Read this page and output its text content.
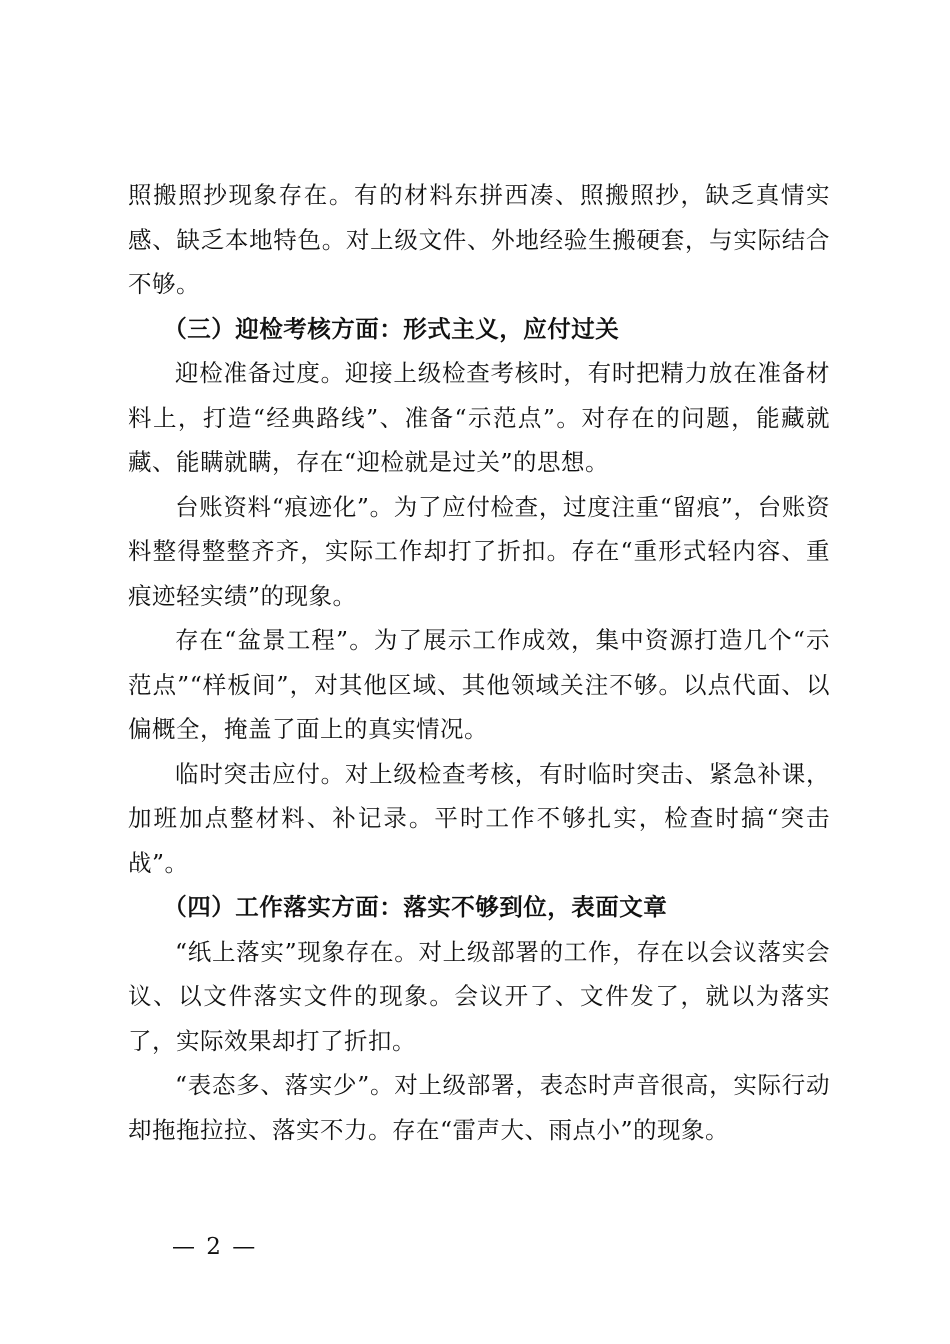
照搬照抄现象存在。有的材料东拼西凑、照搬照抄，缺乏真情实感、缺乏本地特色。对上级文件、外地经验生搬硬套，与实际结合不够。

（三）迎检考核方面：形式主义，应付过关

迎检准备过度。迎接上级检查考核时，有时把精力放在准备材料上，打造“经典路线”、准备“示范点”。对存在的问题，能藏就藏、能瞒就瞒，存在“迎检就是过关”的思想。

台账资料“痕迹化”。为了应付检查，过度注重“留痕”，台账资料整得整整齐齐，实际工作却打了折扣。存在“重形式轻内容、重痕迹轻实绩”的现象。

存在“盆景工程”。为了展示工作成效，集中资源打造几个“示范点”“样板间”，对其他区域、其他领域关注不够。以点代面、以偏概全，掩盖了面上的真实情况。

临时突击应付。对上级检查考核，有时临时突击、紧急补课，加班加点整材料、补记录。平时工作不够扎实，检查时搞“突击战”。

（四）工作落实方面：落实不够到位，表面文章

“纸上落实”现象存在。对上级部署的工作，存在以会议落实会议、以文件落实文件的现象。会议开了、文件发了，就以为落实了，实际效果却打了折扣。

“表态多、落实少”。对上级部署，表态时声音很高，实际行动却拖拖拉拉、落实不力。存在“雷声大、雨点小”的现象。

— 2 —
